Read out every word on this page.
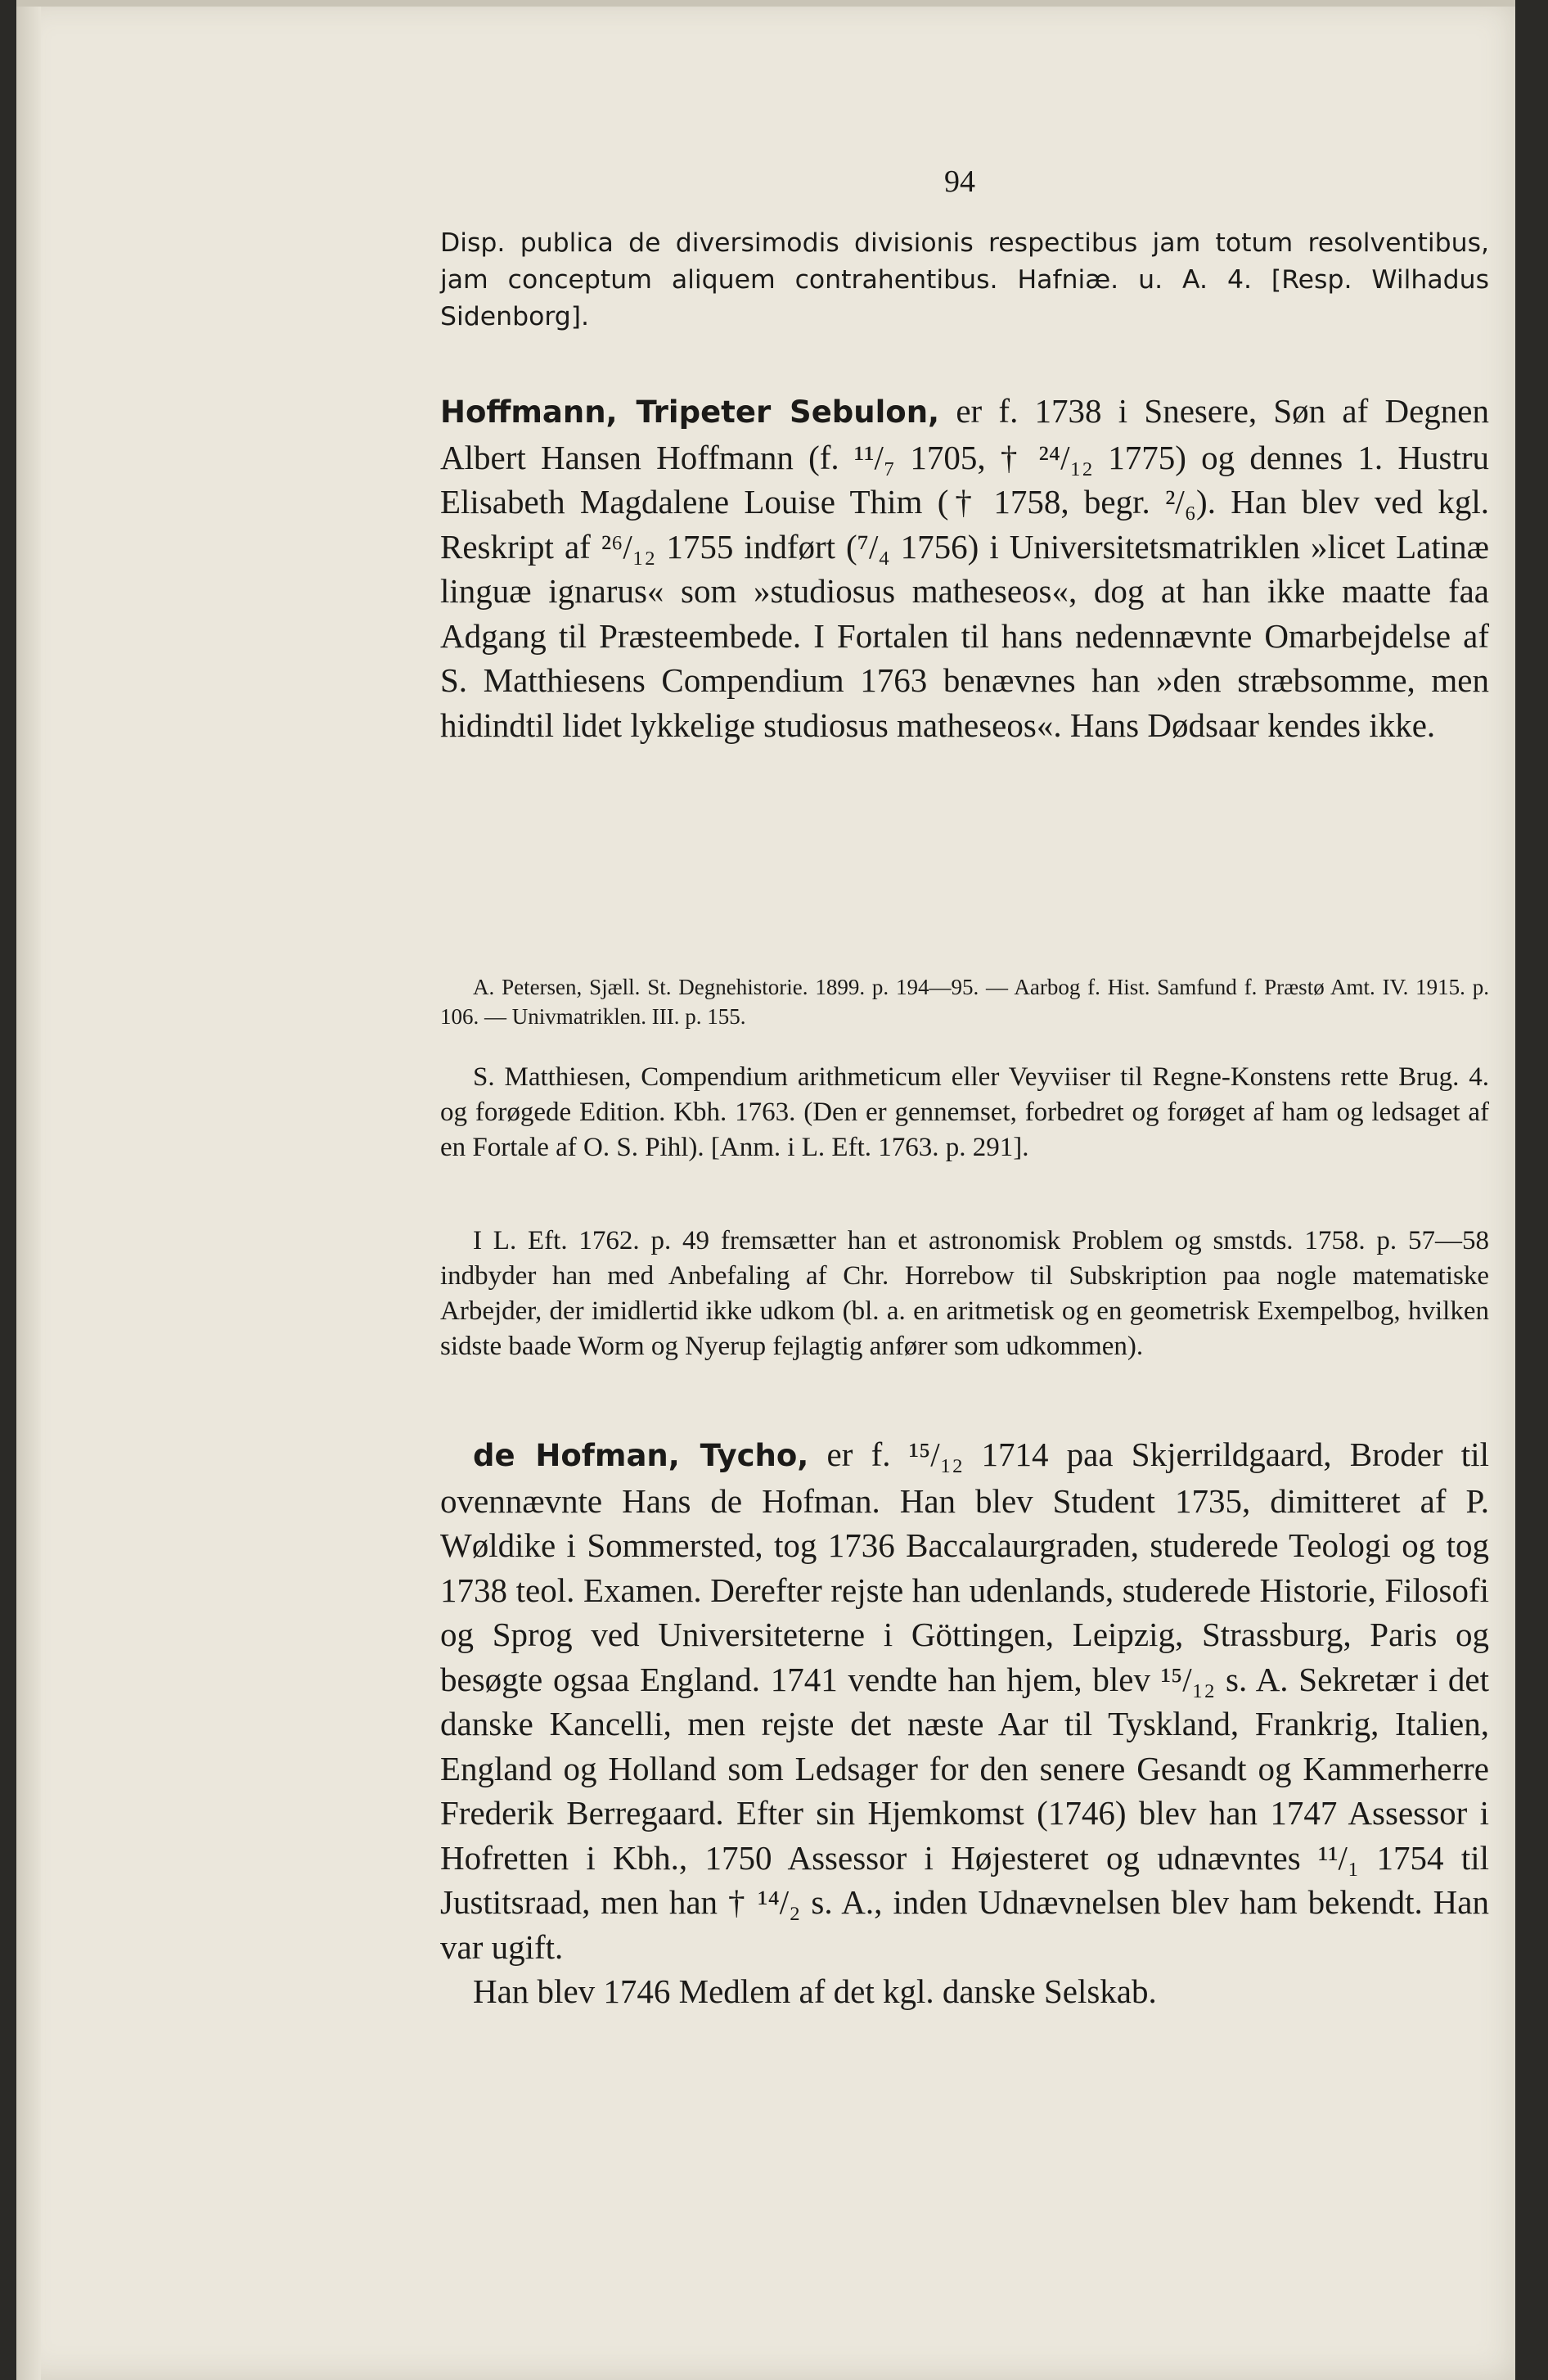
94

Disp. publica de diversimodis divisionis respectibus jam totum resolventibus, jam conceptum aliquem contrahentibus. Hafniæ. u. A. 4. [Resp. Wilhadus Sidenborg].

Hoffmann, Tripeter Sebulon, er f. 1738 i Snesere, Søn af Degnen Albert Hansen Hoffmann (f. ¹¹/₇ 1705, † ²⁴/₁₂ 1775) og dennes 1. Hustru Elisabeth Magdalene Louise Thim († 1758, begr. ²/₆). Han blev ved kgl. Reskript af ²⁶/₁₂ 1755 indført (⁷/₄ 1756) i Universitetsmatriklen »licet Latinæ linguæ ignarus« som »studiosus matheseos«, dog at han ikke maatte faa Adgang til Præsteembede. I Fortalen til hans nedennævnte Omarbejdelse af S. Matthiesens Compendium 1763 benævnes han »den stræbsomme, men hidindtil lidet lykkelige studiosus matheseos«. Hans Dødsaar kendes ikke.

A. Petersen, Sjæll. St. Degnehistorie. 1899. p. 194—95. — Aarbog f. Hist. Samfund f. Præstø Amt. IV. 1915. p. 106. — Univmatriklen. III. p. 155.

S. Matthiesen, Compendium arithmeticum eller Veyviiser til Regne-Konstens rette Brug. 4. og forøgede Edition. Kbh. 1763. (Den er gennemset, forbedret og forøget af ham og ledsaget af en Fortale af O. S. Pihl). [Anm. i L. Eft. 1763. p. 291].

I L. Eft. 1762. p. 49 fremsætter han et astronomisk Problem og smstds. 1758. p. 57—58 indbyder han med Anbefaling af Chr. Horrebow til Subskription paa nogle matematiske Arbejder, der imidlertid ikke udkom (bl. a. en aritmetisk og en geometrisk Exempelbog, hvilken sidste baade Worm og Nyerup fejlagtig anfører som udkommen).

de Hofman, Tycho, er f. ¹⁵/₁₂ 1714 paa Skjerrildgaard, Broder til ovennævnte Hans de Hofman. Han blev Student 1735, dimitteret af P. Wøldike i Sommersted, tog 1736 Baccalaurgraden, studerede Teologi og tog 1738 teol. Examen. Derefter rejste han udenlands, studerede Historie, Filosofi og Sprog ved Universiteterne i Göttingen, Leipzig, Strassburg, Paris og besøgte ogsaa England. 1741 vendte han hjem, blev ¹⁵/₁₂ s. A. Sekretær i det danske Kancelli, men rejste det næste Aar til Tyskland, Frankrig, Italien, England og Holland som Ledsager for den senere Gesandt og Kammerherre Frederik Berregaard. Efter sin Hjemkomst (1746) blev han 1747 Assessor i Hofretten i Kbh., 1750 Assessor i Højesteret og udnævntes ¹¹/₁ 1754 til Justitsraad, men han † ¹⁴/₂ s. A., inden Udnævnelsen blev ham bekendt. Han var ugift.

Han blev 1746 Medlem af det kgl. danske Selskab.
